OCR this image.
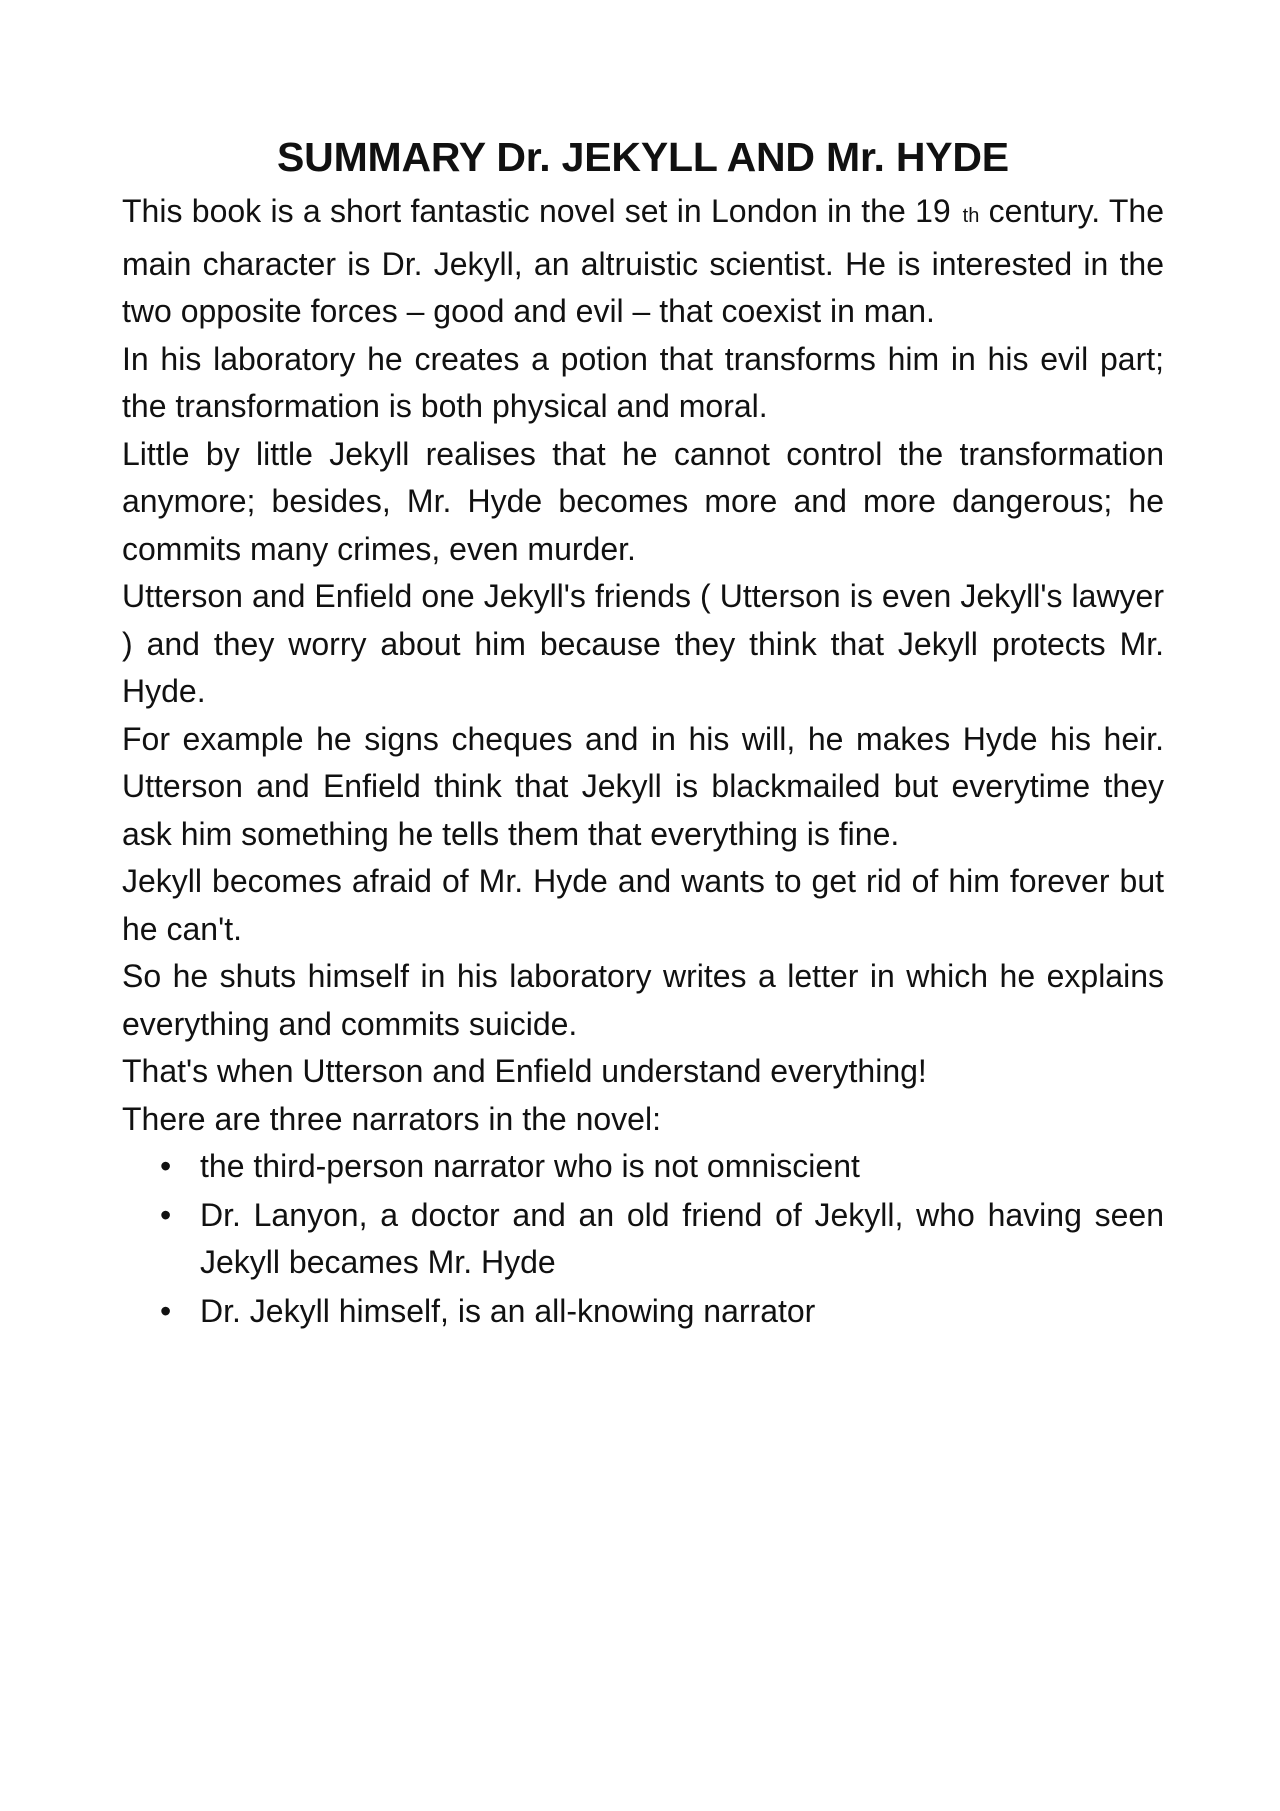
SUMMARY Dr. JEKYLL AND Mr. HYDE

This book is a short fantastic novel set in London in the 19 th century. The main character is Dr. Jekyll, an altruistic scientist. He is interested in the two opposite forces – good and evil – that coexist in man.

In his laboratory he creates a potion that transforms him in his evil part; the transformation is both physical and moral.

Little by little Jekyll realises that he cannot control the transformation anymore; besides, Mr. Hyde becomes more and more dangerous; he commits many crimes, even murder.

Utterson and Enfield one Jekyll's friends ( Utterson is even Jekyll's lawyer ) and they worry about him because they think that Jekyll protects Mr. Hyde.

For example he signs cheques and in his will, he makes Hyde his heir. Utterson and Enfield think that Jekyll is blackmailed but everytime they ask him something he tells them that everything is fine.

Jekyll becomes afraid of Mr. Hyde and wants to get rid of him forever but he can't.

So he shuts himself in his laboratory writes a letter in which he explains everything and commits suicide.

That's when Utterson and Enfield understand everything!

There are three narrators in the novel:

• the third-person narrator who is not omniscient
• Dr. Lanyon, a doctor and an old friend of Jekyll, who having seen Jekyll becames Mr. Hyde
• Dr. Jekyll himself, is an all-knowing narrator
